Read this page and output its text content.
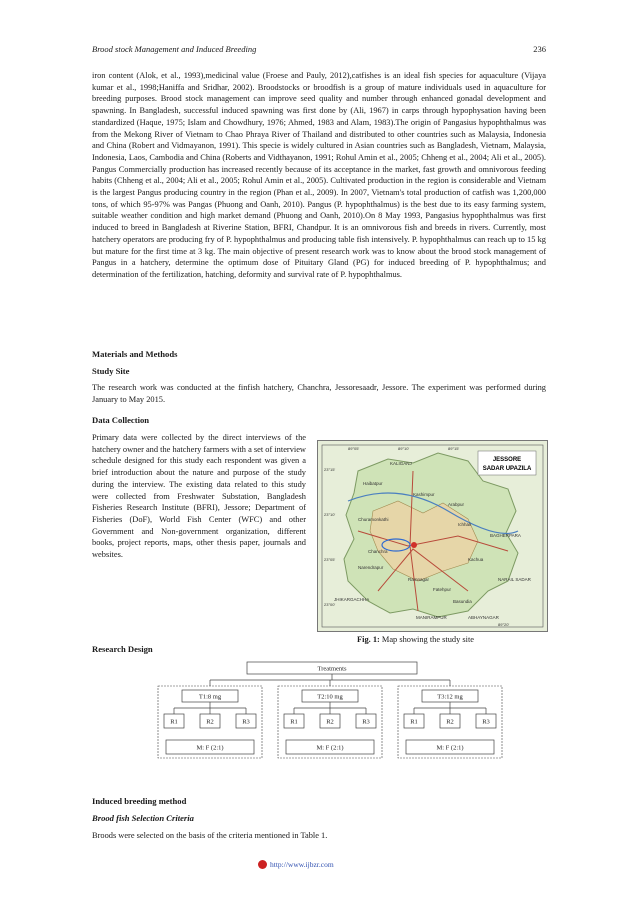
Brood stock Management and Induced Breeding	236

iron content (Alok, et al., 1993),medicinal value (Froese and Pauly, 2012),catfishes is an ideal fish species for aquaculture (Vijaya kumar et al., 1998;Haniffa and Sridhar, 2002). Broodstocks or broodfish is a group of mature individuals used in aquaculture for breeding purposes. Brood stock management can improve seed quality and number through enhanced gonadal development and spawning. In Bangladesh, successful induced spawning was first done by (Ali, 1967) in carps through hypophysation having been standardized (Haque, 1975; Islam and Chowdhury, 1976; Ahmed, 1983 and Alam, 1983).The origin of Pangasius hypophthalmus was from the Mekong River of Vietnam to Chao Phraya River of Thailand and distributed to other countries such as Malaysia, Indonesia and China (Robert and Vidmayanon, 1991). This specie is widely cultured in Asian countries such as Bangladesh, Vietnam, Malaysia, Indonesia, Laos, Cambodia and China (Roberts and Vidthayanon, 1991; Rohul Amin et al., 2005; Chheng et al., 2004; Ali et al., 2005). Pangus Commercially production has increased recently because of its acceptance in the market, fast growth and omnivorous feeding habits (Chheng et al., 2004; Ali et al., 2005; Rohul Amin et al., 2005). Cultivated production in the region is considerable and Vietnam is the largest Pangus producing country in the region (Phan et al., 2009). In 2007, Vietnam's total production of catfish was 1,200,000 tons, of which 95-97% was Pangas (Phuong and Oanh, 2010). Pangus (P. hypophthalmus) is the best due to its easy farming system, suitable weather condition and high market demand (Phuong and Oanh, 2010).On 8 May 1993, Pangasius hypophthalmus was first induced to breed in Bangladesh at Riverine Station, BFRI, Chandpur. It is an omnivorous fish and breeds in rivers. Currently, most hatchery operators are producing fry of P. hypophthalmus and producing table fish intensively. P. hypophthalmus can reach up to 15 kg but mature for the first time at 3 kg. The main objective of present research work was to know about the brood stock management of Pangus in a hatchery, determine the optimum dose of Pituitary Gland (PG) for induced breeding of P. hypophthalmus; and determination of the fertilization, hatching, deformity and survival rate of P. hypophthalmus.

Materials and Methods
Study Site

The research work was conducted at the finfish hatchery, Chanchra, Jessoresaadr, Jessore. The experiment was performed during January to May 2015.

Data Collection

Primary data were collected by the direct interviews of the hatchery owner and the hatchery farmers with a set of interview schedule designed for this study each respondent was given a brief introduction about the nature and purpose of the study during the interview. The existing data related to this study were collected from Freshwater Substation, Bangladesh Fisheries Research Institute (BFRI), Jessore; Department of Fisheries (DoF), World Fish Center (WFC) and other Government and Non-government organization, different books, project reports, maps, other thesis paper, journals and websites.

JESSORE
SADAR UPAZILA
KALIGANJ
Haibatpur
Kashimpur
Chanchra
Churamonkathi
Ichhali
Kachua
Narendrapur
Ramnagar
Fatehpur
Arabpur
BAGHERPARA
Basundia
MANIRAMPUR	ABHAYNAGAR
JHIKARGACHHA
NARAIL SADAR
23°15'
23°10'
23°05'
23°00'
89°05'	89°10'	89°15'
89°20'
Fig. 1: Map showing the study site
Research Design
Treatments
T1:8 mg
R1	R2	R3
M: F (2:1)
T2:10 mg
R1	R2	R3
M: F (2:1)
T3:12 mg
R1	R2	R3
M: F (2:1)
Induced breeding method
Brood fish Selection Criteria

Broods were selected on the basis of the criteria mentioned in Table 1.

http://www.ijbzr.com
